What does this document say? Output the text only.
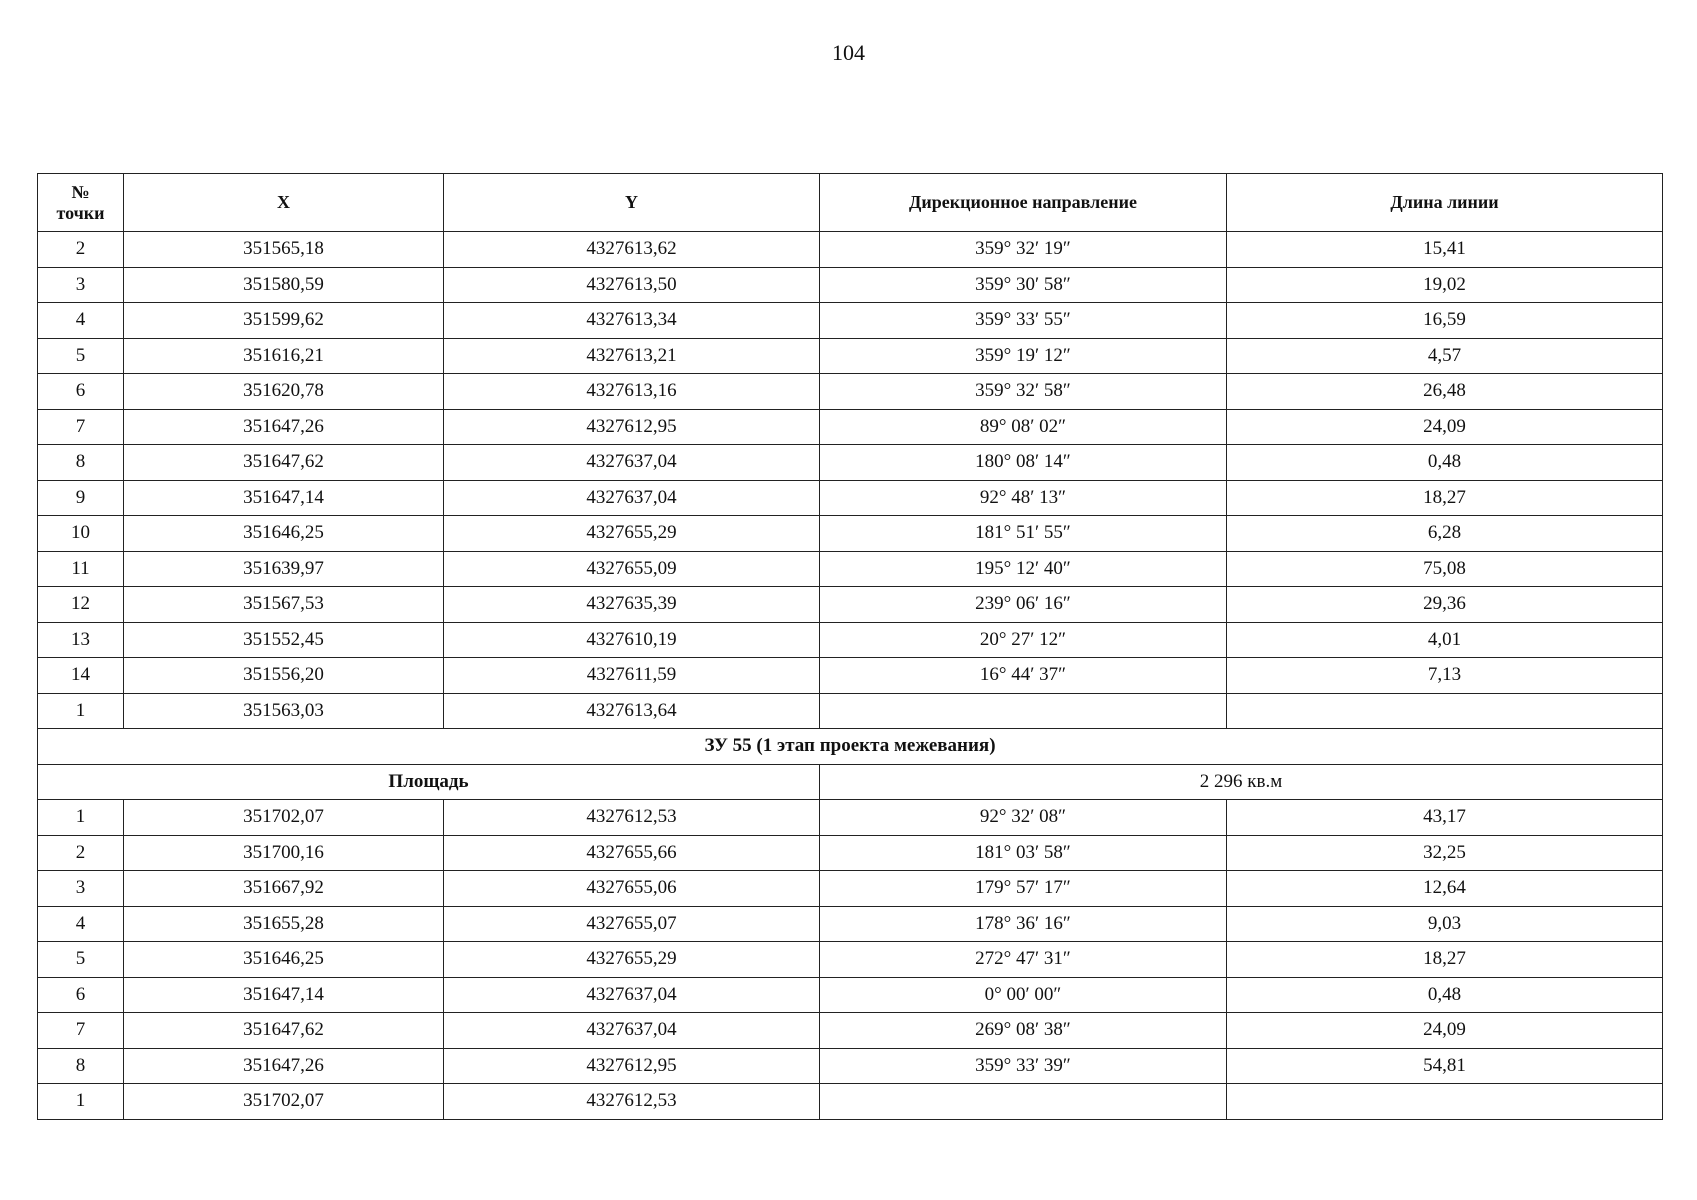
104
№
точки	X	Y	Дирекционное направление	Длина линии
2	351565,18	4327613,62	359° 32′ 19″	15,41
3	351580,59	4327613,50	359° 30′ 58″	19,02
4	351599,62	4327613,34	359° 33′ 55″	16,59
5	351616,21	4327613,21	359° 19′ 12″	4,57
6	351620,78	4327613,16	359° 32′ 58″	26,48
7	351647,26	4327612,95	89° 08′ 02″	24,09
8	351647,62	4327637,04	180° 08′ 14″	0,48
9	351647,14	4327637,04	92° 48′ 13″	18,27
10	351646,25	4327655,29	181° 51′ 55″	6,28
11	351639,97	4327655,09	195° 12′ 40″	75,08
12	351567,53	4327635,39	239° 06′ 16″	29,36
13	351552,45	4327610,19	20° 27′ 12″	4,01
14	351556,20	4327611,59	16° 44′ 37″	7,13
1	351563,03	4327613,64		
ЗУ 55 (1 этап проекта межевания)				
Площадь			2 296 кв.м	
1	351702,07	4327612,53	92° 32′ 08″	43,17
2	351700,16	4327655,66	181° 03′ 58″	32,25
3	351667,92	4327655,06	179° 57′ 17″	12,64
4	351655,28	4327655,07	178° 36′ 16″	9,03
5	351646,25	4327655,29	272° 47′ 31″	18,27
6	351647,14	4327637,04	0° 00′ 00″	0,48
7	351647,62	4327637,04	269° 08′ 38″	24,09
8	351647,26	4327612,95	359° 33′ 39″	54,81
1	351702,07	4327612,53		
